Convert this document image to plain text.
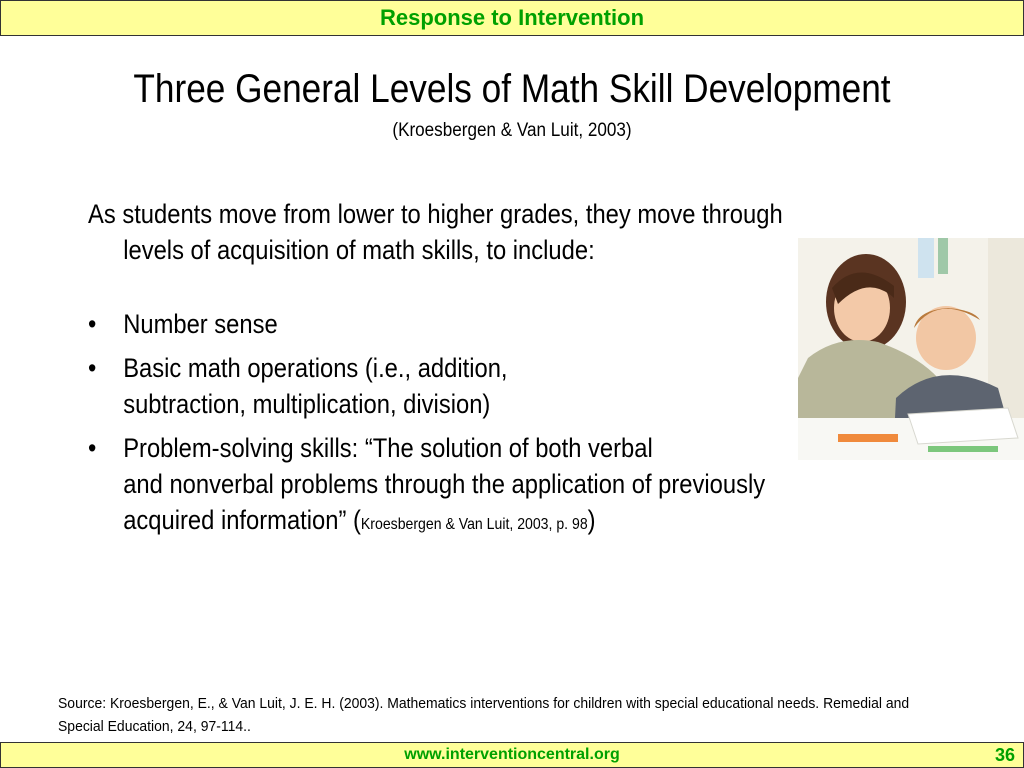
Response to Intervention
Three General Levels of Math Skill Development
(Kroesbergen & Van Luit, 2003)

As students move from lower to higher grades, they move through levels of acquisition of math skills, to include:

• Number sense
• Basic math operations (i.e., addition, subtraction, multiplication, division)
• Problem-solving skills: “The solution of both verbal
and nonverbal problems through the application of previously
acquired information” (Kroesbergen & Van Luit, 2003, p. 98)
Source: Kroesbergen, E., & Van Luit, J. E. H. (2003). Mathematics interventions for children with special educational needs. Remedial and Special Education, 24, 97-114..
www.interventioncentral.org	36
